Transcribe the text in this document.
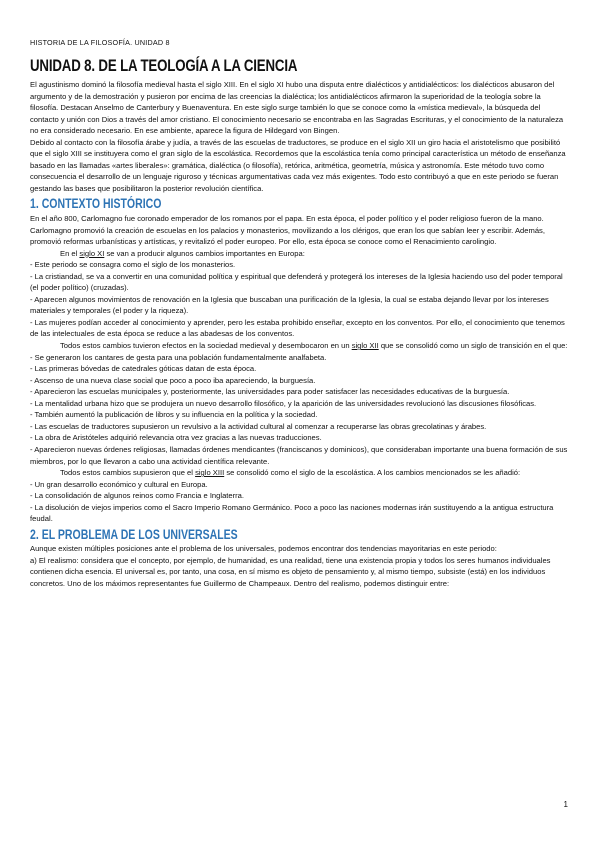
HISTORIA DE LA FILOSOFÍA. UNIDAD 8
UNIDAD 8. DE LA TEOLOGÍA A LA CIENCIA

El agustinismo dominó la filosofía medieval hasta el siglo XIII. En el siglo XI hubo una disputa entre dialécticos y antidialécticos: los dialécticos abusaron del argumento y de la demostración y pusieron por encima de las creencias la dialéctica; los antidialécticos afirmaron la superioridad de la teología sobre la filosofía. Destacan Anselmo de Canterbury y Buenaventura. En este siglo surge también lo que se conoce como la «mística medieval», la búsqueda del contacto y unión con Dios a través del amor cristiano. El conocimiento necesario se encontraba en las Sagradas Escrituras, y el conocimiento de la naturaleza no era considerado necesario. En ese ambiente, aparece la figura de Hildegard von Bingen.

Debido al contacto con la filosofía árabe y judía, a través de las escuelas de traductores, se produce en el siglo XII un giro hacia el aristotelismo que posibilitó que el siglo XIII se instituyera como el gran siglo de la escolástica. Recordemos que la escolástica tenía como principal característica un método de enseñanza basado en las llamadas «artes liberales»: gramática, dialéctica (o filosofía), retórica, aritmética, geometría, música y astronomía. Este método tuvo como consecuencia el desarrollo de un lenguaje riguroso y técnicas argumentativas cada vez más exigentes. Todo esto contribuyó a que en este periodo se fueran gestando las bases que posibilitaron la posterior revolución científica.

1. CONTEXTO HISTÓRICO

En el año 800, Carlomagno fue coronado emperador de los romanos por el papa. En esta época, el poder político y el poder religioso fueron de la mano. Carlomagno promovió la creación de escuelas en los palacios y monasterios, movilizando a los clérigos, que eran los que sabían leer y escribir. Además, promovió reformas urbanísticas y artísticas, y revitalizó el poder europeo. Por ello, esta época se conoce como el Renacimiento carolingio.

En el siglo XI se van a producir algunos cambios importantes en Europa:

- Este periodo se consagra como el siglo de los monasterios.

- La cristiandad, se va a convertir en una comunidad política y espiritual que defenderá y protegerá los intereses de la Iglesia haciendo uso del poder temporal (el poder político) (cruzadas).

- Aparecen algunos movimientos de renovación en la Iglesia que buscaban una purificación de la Iglesia, la cual se estaba dejando llevar por los intereses materiales y temporales (el poder y la riqueza).

- Las mujeres podían acceder al conocimiento y aprender, pero les estaba prohibido enseñar, excepto en los conventos. Por ello, el conocimiento que tenemos de las intelectuales de esta época se reduce a las abadesas de los conventos.

Todos estos cambios tuvieron efectos en la sociedad medieval y desembocaron en un siglo XII que se consolidó como un siglo de transición en el que:

- Se generaron los cantares de gesta para una población fundamentalmente analfabeta.

- Las primeras bóvedas de catedrales góticas datan de esta época.

- Ascenso de una nueva clase social que poco a poco iba apareciendo, la burguesía.

- Aparecieron las escuelas municipales y, posteriormente, las universidades para poder satisfacer las necesidades educativas de la burguesía.

- La mentalidad urbana hizo que se produjera un nuevo desarrollo filosófico, y la aparición de las universidades revolucionó las discusiones filosóficas.

- También aumentó la publicación de libros y su influencia en la política y la sociedad.

- Las escuelas de traductores supusieron un revulsivo a la actividad cultural al comenzar a recuperarse las obras grecolatinas y árabes.

- La obra de Aristóteles adquirió relevancia otra vez gracias a las nuevas traducciones.

- Aparecieron nuevas órdenes religiosas, llamadas órdenes mendicantes (franciscanos y dominicos), que consideraban importante una buena formación de sus miembros, por lo que llevaron a cabo una actividad científica relevante.

Todos estos cambios supusieron que el siglo XIII se consolidó como el siglo de la escolástica. A los cambios mencionados se les añadió:

- Un gran desarrollo económico y cultural en Europa.

- La consolidación de algunos reinos como Francia e Inglaterra.

- La disolución de viejos imperios como el Sacro Imperio Romano Germánico. Poco a poco las naciones modernas irán sustituyendo a la antigua estructura feudal.

2. EL PROBLEMA DE LOS UNIVERSALES

Aunque existen múltiples posiciones ante el problema de los universales, podemos encontrar dos tendencias mayoritarias en este periodo:

a) El realismo: considera que el concepto, por ejemplo, de humanidad, es una realidad, tiene una existencia propia y todos los seres humanos individuales contienen dicha esencia. El universal es, por tanto, una cosa, en sí mismo es objeto de pensamiento y, al mismo tiempo, subsiste (está) en los individuos concretos. Uno de los máximos representantes fue Guillermo de Champeaux. Dentro del realismo, podemos distinguir entre:

1
